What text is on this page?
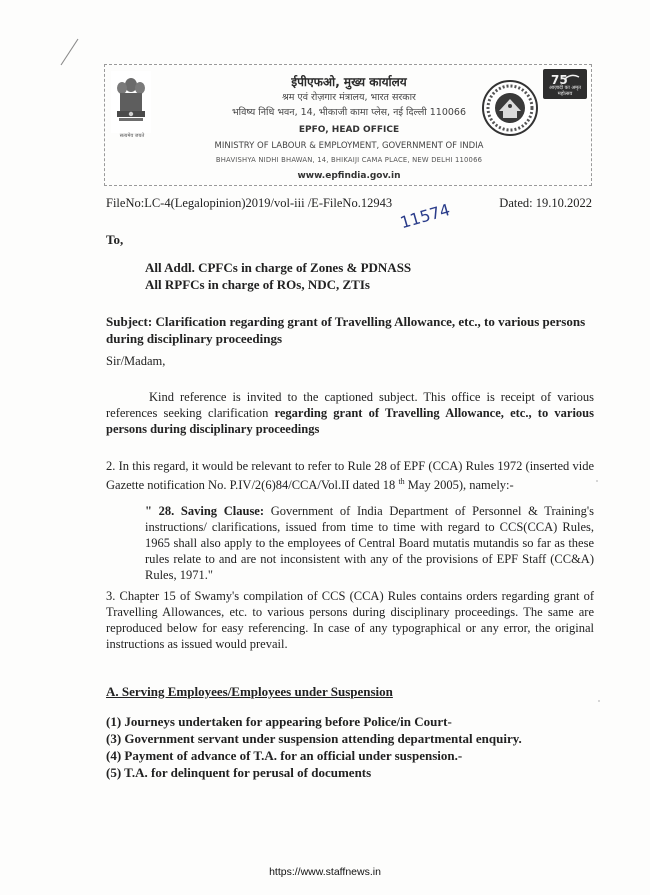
सत्यमेव जयते
ईपीएफओ, मुख्य कार्यालय
श्रम एवं रोज़गार मंत्रालय, भारत सरकार
भविष्य निधि भवन, 14, भीकाजी कामा प्लेस, नई दिल्ली 110066
EPFO, HEAD OFFICE
MINISTRY OF LABOUR & EMPLOYMENT, GOVERNMENT OF INDIA
BHAVISHYA NIDHI BHAWAN, 14, BHIKAIJI CAMA PLACE, NEW DELHI 110066
www.epfindia.gov.in
75
आज़ादी का अमृत महोत्सव
FileNo:LC-4(Legalopinion)2019/vol-iii /E-FileNo.12943	Dated: 19.10.2022
11574
To,
All Addl. CPFCs in charge of Zones & PDNASS
All RPFCs in charge of ROs, NDC, ZTIs
Subject: Clarification regarding grant of Travelling Allowance, etc., to various persons during disciplinary proceedings
Sir/Madam,
Kind reference is invited to the captioned subject. This office is receipt of various references seeking clarification regarding grant of Travelling Allowance, etc., to various persons during disciplinary proceedings
2. In this regard, it would be relevant to refer to Rule 28 of EPF (CCA) Rules 1972 (inserted vide Gazette notification No. P.IV/2(6)84/CCA/Vol.II dated 18 $^{th}$ May 2005), namely:-
" 28. Saving Clause: Government of India Department of Personnel & Training's instructions/ clarifications, issued from time to time with regard to CCS(CCA) Rules, 1965 shall also apply to the employees of Central Board mutatis mutandis so far as these rules relate to and are not inconsistent with any of the provisions of EPF Staff (CC&A) Rules, 1971."
3. Chapter 15 of Swamy's compilation of CCS (CCA) Rules contains orders regarding grant of Travelling Allowances, etc. to various persons during disciplinary proceedings. The same are reproduced below for easy referencing. In case of any typographical or any error, the original instructions as issued would prevail.
A. Serving Employees/Employees under Suspension
(1) Journeys undertaken for appearing before Police/in Court-
(3) Government servant under suspension attending departmental enquiry.
(4) Payment of advance of T.A. for an official under suspension.-
(5) T.A. for delinquent for perusal of documents
https://www.staffnews.in
